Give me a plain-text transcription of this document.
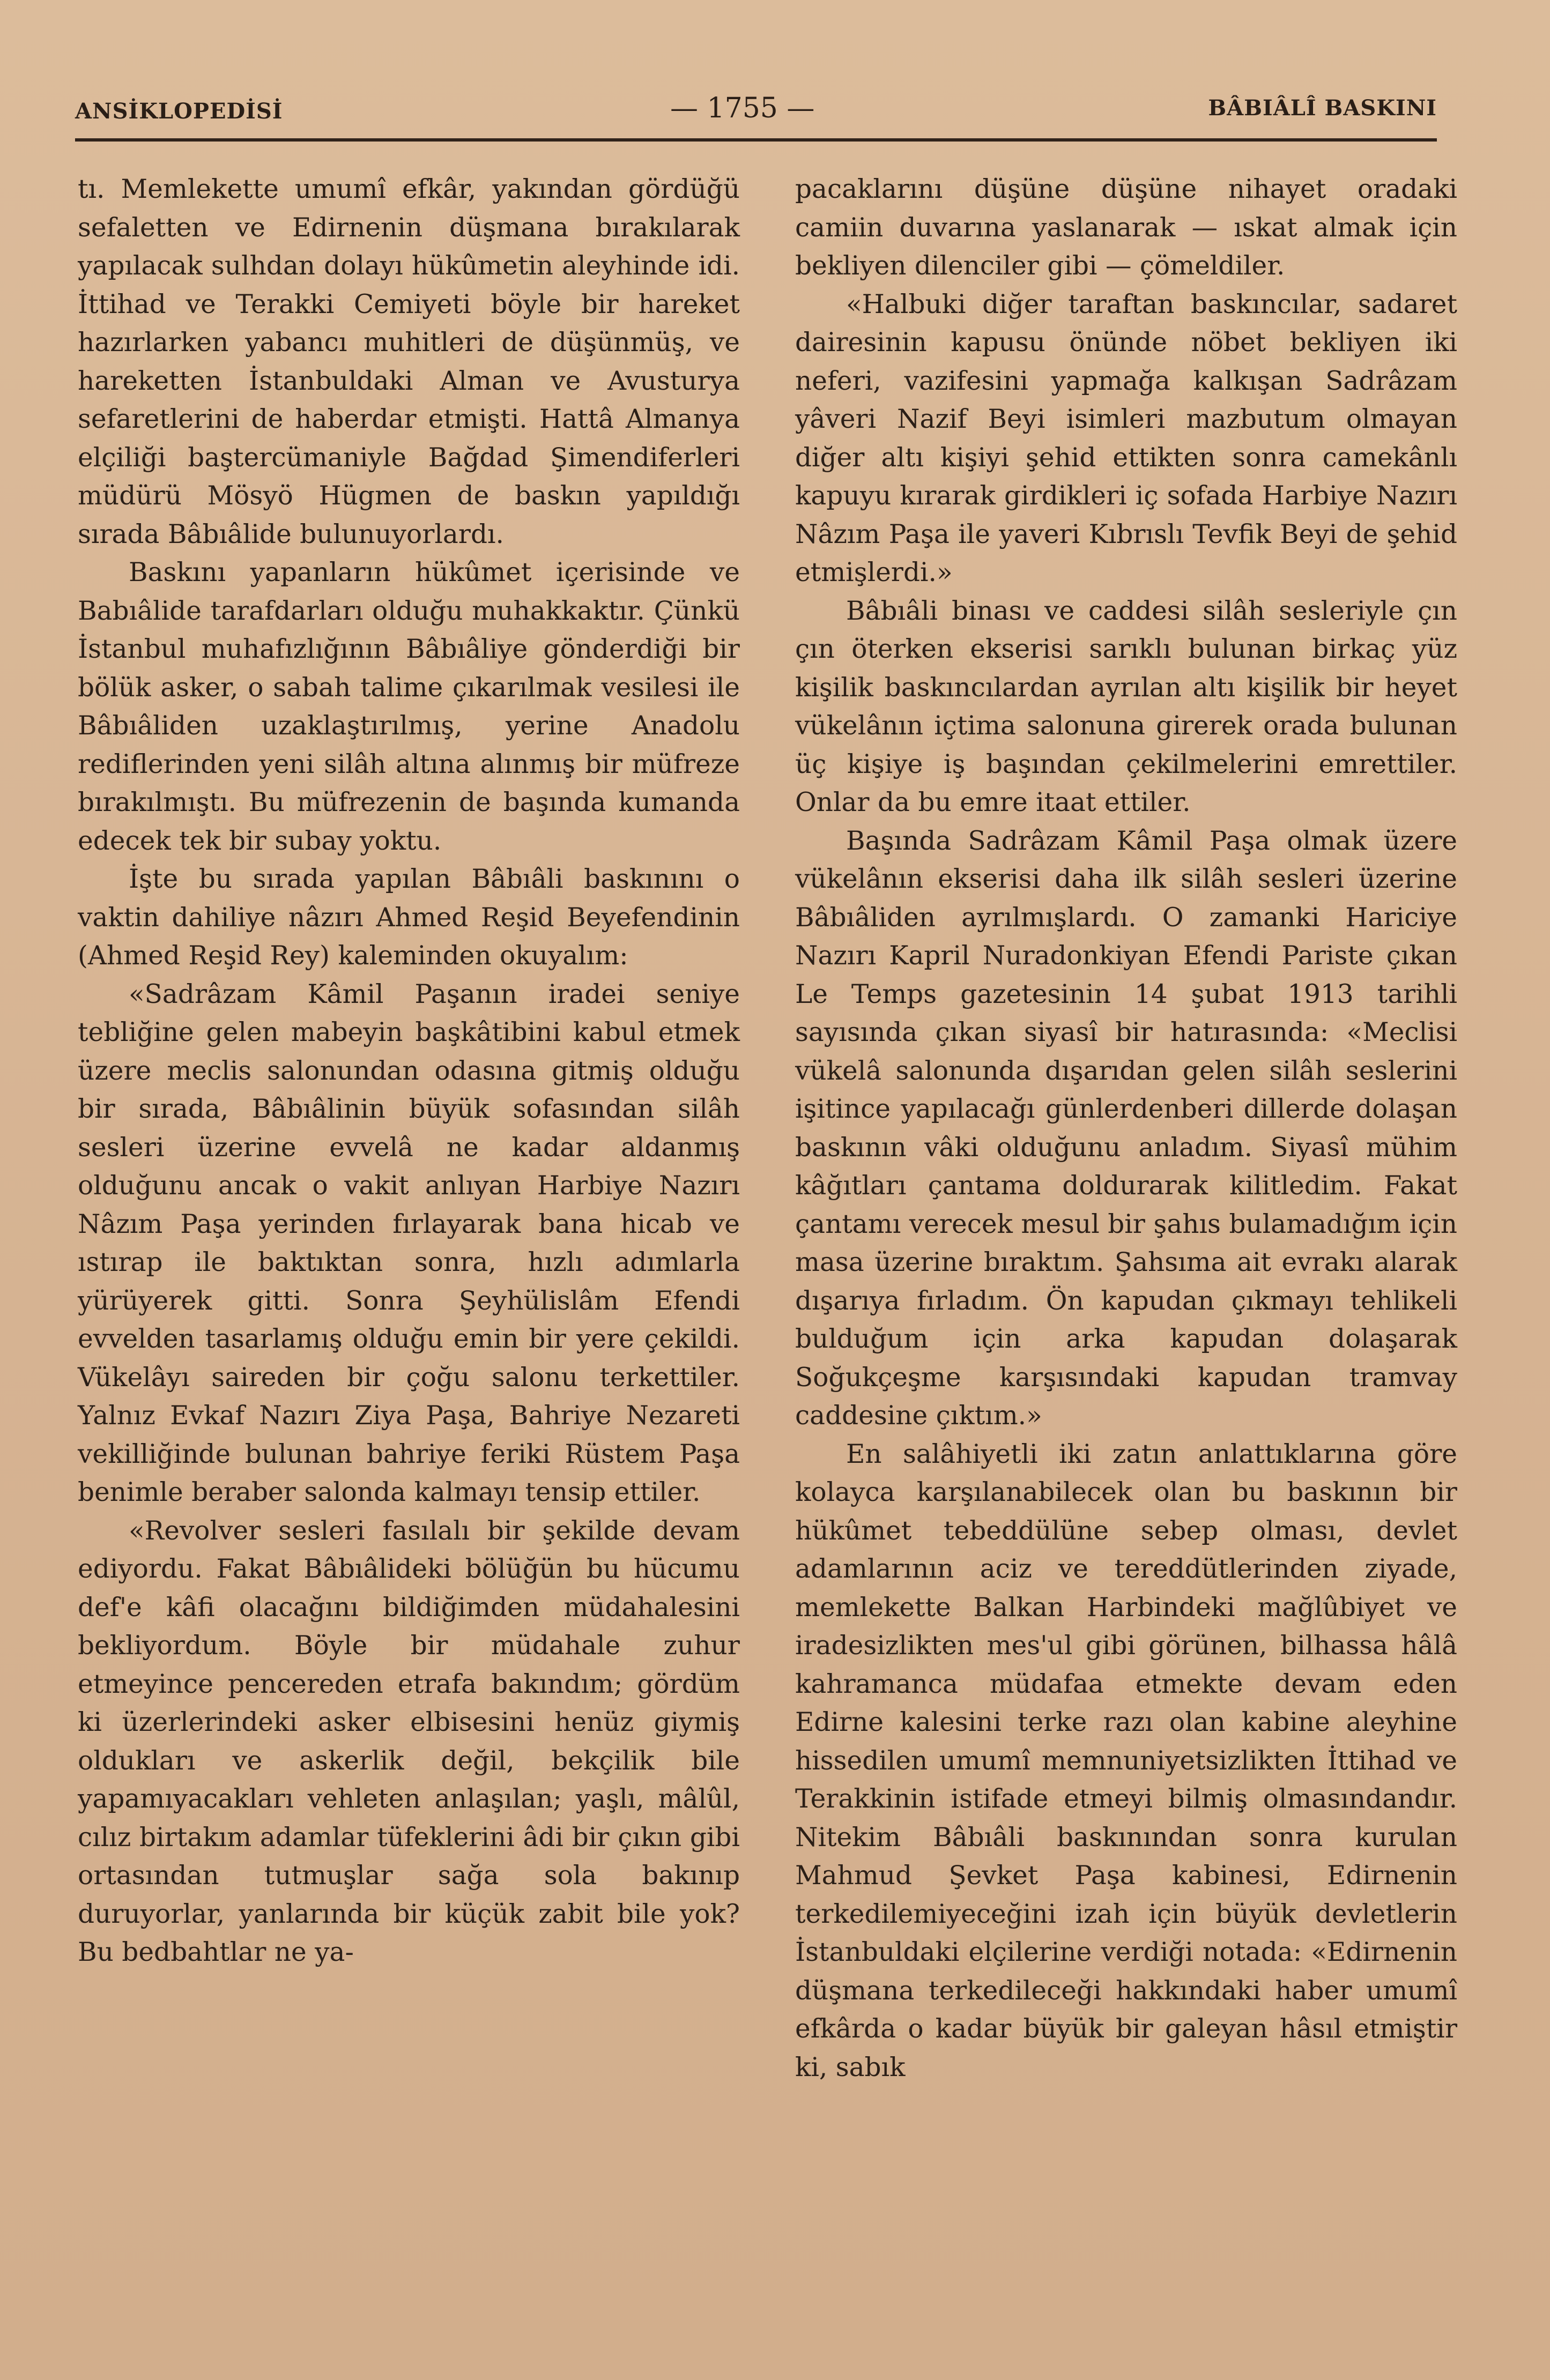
ANSİKLOPEDİSİ	— 1755 —	BÂBIÂLÎ BASKINI

tı. Memlekette umumî efkâr, yakından gördüğü sefaletten ve Edirnenin düşmana bırakılarak yapılacak sulhdan dolayı hükûmetin aleyhinde idi. İttihad ve Terakki Cemiyeti böyle bir hareket hazırlarken yabancı muhitleri de düşünmüş, ve hareketten İstanbuldaki Alman ve Avusturya sefaretlerini de haberdar etmişti. Hattâ Almanya elçiliği baştercümaniyle Bağdad Şimendiferleri müdürü Mösyö Hügmen de baskın yapıldığı sırada Bâbıâlide bulunuyorlardı.

Baskını yapanların hükûmet içerisinde ve Babıâlide tarafdarları olduğu muhakkaktır. Çünkü İstanbul muhafızlığının Bâbıâliye gönderdiği bir bölük asker, o sabah talime çıkarılmak vesilesi ile Bâbıâliden uzaklaştırılmış, yerine Anadolu rediflerinden yeni silâh altına alınmış bir müfreze bırakılmıştı. Bu müfrezenin de başında kumanda edecek tek bir subay yoktu.

İşte bu sırada yapılan Bâbıâli baskınını o vaktin dahiliye nâzırı Ahmed Reşid Beyefendinin (Ahmed Reşid Rey) kaleminden okuyalım:

«Sadrâzam Kâmil Paşanın iradei seniye tebliğine gelen mabeyin başkâtibini kabul etmek üzere meclis salonundan odasına gitmiş olduğu bir sırada, Bâbıâlinin büyük sofasından silâh sesleri üzerine evvelâ ne kadar aldanmış olduğunu ancak o vakit anlıyan Harbiye Nazırı Nâzım Paşa yerinden fırlayarak bana hicab ve ıstırap ile baktıktan sonra, hızlı adımlarla yürüyerek gitti. Sonra Şeyhülislâm Efendi evvelden tasarlamış olduğu emin bir yere çekildi. Vükelâyı saireden bir çoğu salonu terkettiler. Yalnız Evkaf Nazırı Ziya Paşa, Bahriye Nezareti vekilliğinde bulunan bahriye feriki Rüstem Paşa benimle beraber salonda kalmayı tensip ettiler.

«Revolver sesleri fasılalı bir şekilde devam ediyordu. Fakat Bâbıâlideki bölüğün bu hücumu def'e kâfi olacağını bildiğimden müdahalesini bekliyordum. Böyle bir müdahale zuhur etmeyince pencereden etrafa bakındım; gördüm ki üzerlerindeki asker elbisesini henüz giymiş oldukları ve askerlik değil, bekçilik bile yapamıyacakları vehleten anlaşılan; yaşlı, mâlûl, cılız birtakım adamlar tüfeklerini âdi bir çıkın gibi ortasından tutmuşlar sağa sola bakınıp duruyorlar, yanlarında bir küçük zabit bile yok? Bu bedbahtlar ne ya-

pacaklarını düşüne düşüne nihayet oradaki camiin duvarına yaslanarak — ıskat almak için bekliyen dilenciler gibi — çömeldiler.

«Halbuki diğer taraftan baskıncılar, sadaret dairesinin kapusu önünde nöbet bekliyen iki neferi, vazifesini yapmağa kalkışan Sadrâzam yâveri Nazif Beyi isimleri mazbutum olmayan diğer altı kişiyi şehid ettikten sonra camekânlı kapuyu kırarak girdikleri iç sofada Harbiye Nazırı Nâzım Paşa ile yaveri Kıbrıslı Tevfik Beyi de şehid etmişlerdi.»

Bâbıâli binası ve caddesi silâh sesleriyle çın çın öterken ekserisi sarıklı bulunan birkaç yüz kişilik baskıncılardan ayrılan altı kişilik bir heyet vükelânın içtima salonuna girerek orada bulunan üç kişiye iş başından çekilmelerini emrettiler. Onlar da bu emre itaat ettiler.

Başında Sadrâzam Kâmil Paşa olmak üzere vükelânın ekserisi daha ilk silâh sesleri üzerine Bâbıâliden ayrılmışlardı. O zamanki Hariciye Nazırı Kapril Nuradonkiyan Efendi Pariste çıkan Le Temps gazetesinin 14 şubat 1913 tarihli sayısında çıkan siyasî bir hatırasında: «Meclisi vükelâ salonunda dışarıdan gelen silâh seslerini işitince yapılacağı günlerdenberi dillerde dolaşan baskının vâki olduğunu anladım. Siyasî mühim kâğıtları çantama doldurarak kilitledim. Fakat çantamı verecek mesul bir şahıs bulamadığım için masa üzerine bıraktım. Şahsıma ait evrakı alarak dışarıya fırladım. Ön kapudan çıkmayı tehlikeli bulduğum için arka kapudan dolaşarak Soğukçeşme karşısındaki kapudan tramvay caddesine çıktım.»

En salâhiyetli iki zatın anlattıklarına göre kolayca karşılanabilecek olan bu baskının bir hükûmet tebeddülüne sebep olması, devlet adamlarının aciz ve tereddütlerinden ziyade, memlekette Balkan Harbindeki mağlûbiyet ve iradesizlikten mes'ul gibi görünen, bilhassa hâlâ kahramanca müdafaa etmekte devam eden Edirne kalesini terke razı olan kabine aleyhine hissedilen umumî memnuniyetsizlikten İttihad ve Terakkinin istifade etmeyi bilmiş olmasındandır. Nitekim Bâbıâli baskınından sonra kurulan Mahmud Şevket Paşa kabinesi, Edirnenin terkedilemiyeceğini izah için büyük devletlerin İstanbuldaki elçilerine verdiği notada: «Edirnenin düşmana terkedileceği hakkındaki haber umumî efkârda o kadar büyük bir galeyan hâsıl etmiştir ki, sabık
